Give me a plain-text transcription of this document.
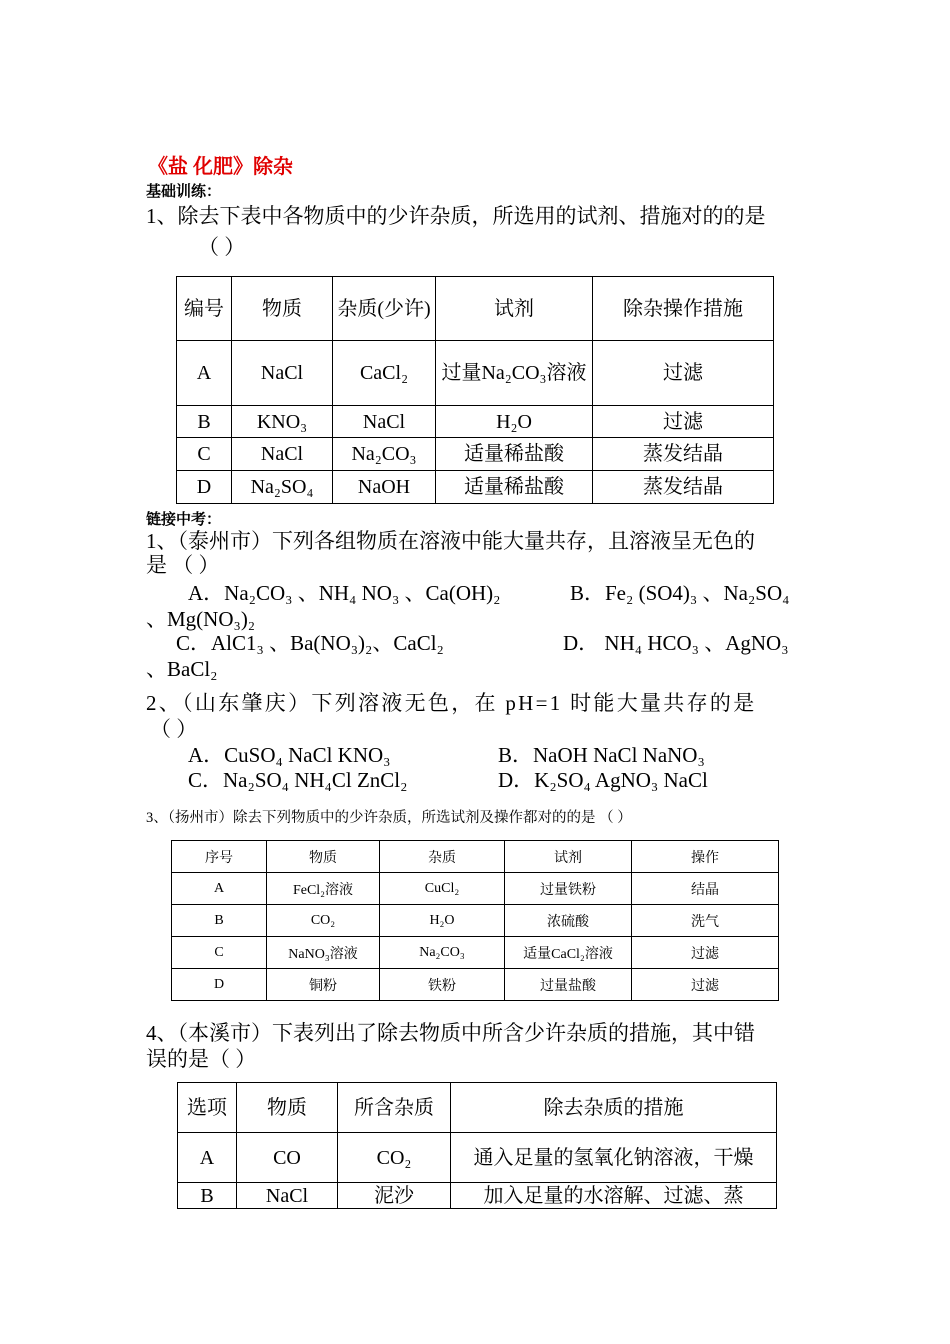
《盐 化肥》除杂
基础训练：
1、除去下表中各物质中的少许杂质，所选用的试剂、措施对的的是
（ ）
编号	物质	杂质(少许)	试剂	除杂操作措施
A	NaCl	CaCl₂	过量Na₂CO₃溶液	过滤
B	KNO₃	NaCl	H₂O	过滤
C	NaCl	Na₂CO₃	适量稀盐酸	蒸发结晶
D	Na₂SO₄	NaOH	适量稀盐酸	蒸发结晶
链接中考：
1、（泰州市）下列各组物质在溶液中能大量共存，且溶液呈无色的
是 （ ）
A．Na₂CO₃ 、NH₄ NO₃ 、Ca(OH)₂	B．Fe₂ (SO4)₃ 、Na₂SO₄
、Mg(NO₃)₂
C．AlC1₃ 、Ba(NO₃)₂、CaCl₂	D． NH₄ HCO₃ 、AgNO₃
、BaCl₂
2、（山东肇庆）下列溶液无色，在 pH=1 时能大量共存的是
（ ）
A．CuSO₄ NaCl KNO₃	B．NaOH NaCl NaNO₃
C．Na₂SO₄ NH₄Cl ZnCl₂	D．K₂SO₄ AgNO₃ NaCl
3、（扬州市）除去下列物质中的少许杂质，所选试剂及操作都对的的是 （ ）
序号	物质	杂质	试剂	操作
A	FeCl₂溶液	CuCl₂	过量铁粉	结晶
B	CO₂	H₂O	浓硫酸	洗气
C	NaNO₃溶液	Na₂CO₃	适量CaCl₂溶液	过滤
D	铜粉	铁粉	过量盐酸	过滤
4、（本溪市）下表列出了除去物质中所含少许杂质的措施，其中错
误的是（ ）
选项	物质	所含杂质	除去杂质的措施
A	CO	CO₂	通入足量的氢氧化钠溶液，干燥
B	NaCl	泥沙	加入足量的水溶解、过滤、蒸
